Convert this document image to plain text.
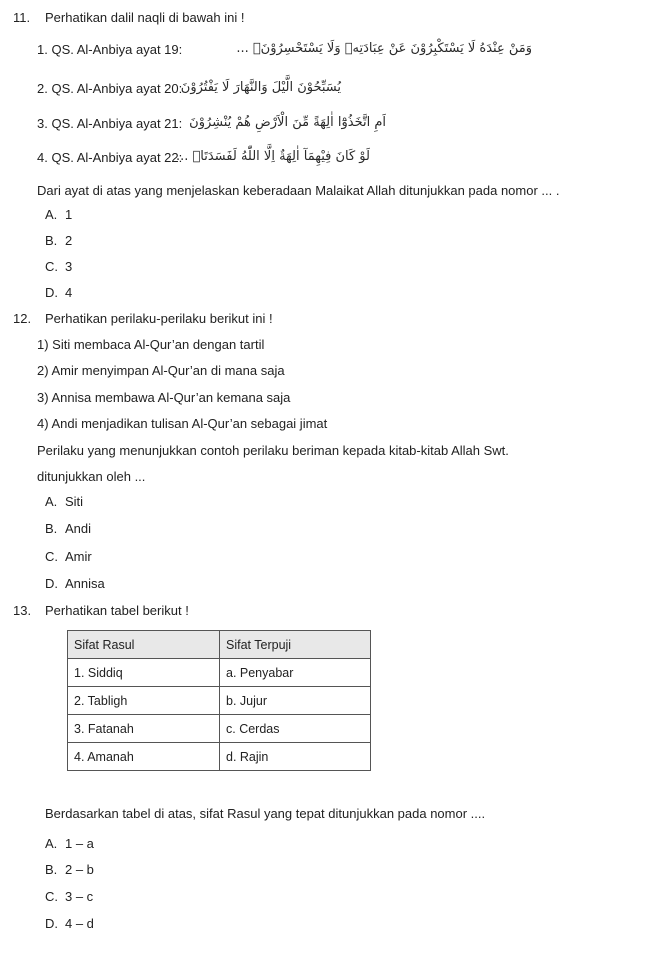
11. Perhatikan dalil naqli di bawah ini !
1. QS. Al-Anbiya ayat 19:	وَمَنْ عِنْدَهُ لَا يَسْتَكْبِرُوْنَ عَنْ عِبَادَتِهٖ وَلَا يَسْتَحْسِرُوْنَۚ ...
2. QS. Al-Anbiya ayat 20:
يُسَبِّحُوْنَ الَّيْلَ وَالنَّهَارَ لَا يَفْتُرُوْنَ
3. QS. Al-Anbiya ayat 21: اَمِ اتَّخَذُوْٓا اٰلِهَةً مِّنَ الْاَرْضِ هُمْ يُنْشِرُوْنَ
4. QS. Al-Anbiya ayat 22:
لَوْ كَانَ فِيْهِمَآ اٰلِهَةٌ اِلَّا اللّٰهُ لَفَسَدَتَاۚ ...
Dari ayat di atas yang menjelaskan keberadaan Malaikat Allah ditunjukkan pada nomor ... .
A. 1
B. 2
C. 3
D. 4
12. Perhatikan perilaku-perilaku berikut ini !
1) Siti membaca Al-Qur’an dengan tartil
2) Amir menyimpan Al-Qur’an di mana saja
3) Annisa membawa Al-Qur’an kemana saja
4) Andi menjadikan tulisan Al-Qur’an sebagai jimat
Perilaku yang menunjukkan contoh perilaku beriman kepada kitab-kitab Allah Swt.
ditunjukkan oleh ...
A. Siti
B. Andi
C. Amir
D. Annisa
13. Perhatikan tabel berikut !
Sifat Rasul	Sifat Terpuji
1. Siddiq	a. Penyabar
2. Tabligh	b. Jujur
3. Fatanah	c. Cerdas
4. Amanah	d. Rajin
Berdasarkan tabel di atas, sifat Rasul yang tepat ditunjukkan pada nomor ....
A. 1 – a
B. 2 – b
C. 3 – c
D. 4 – d
